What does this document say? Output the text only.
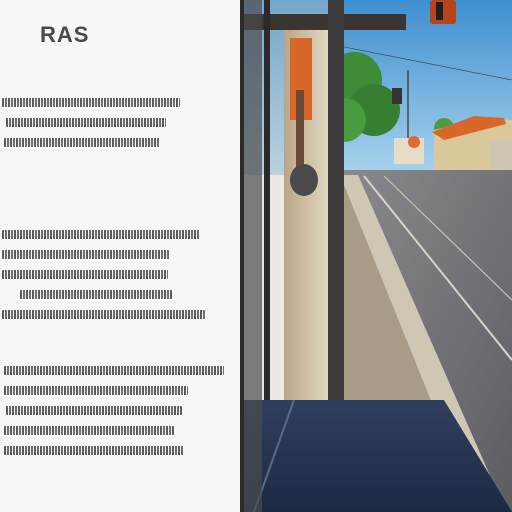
RAS
